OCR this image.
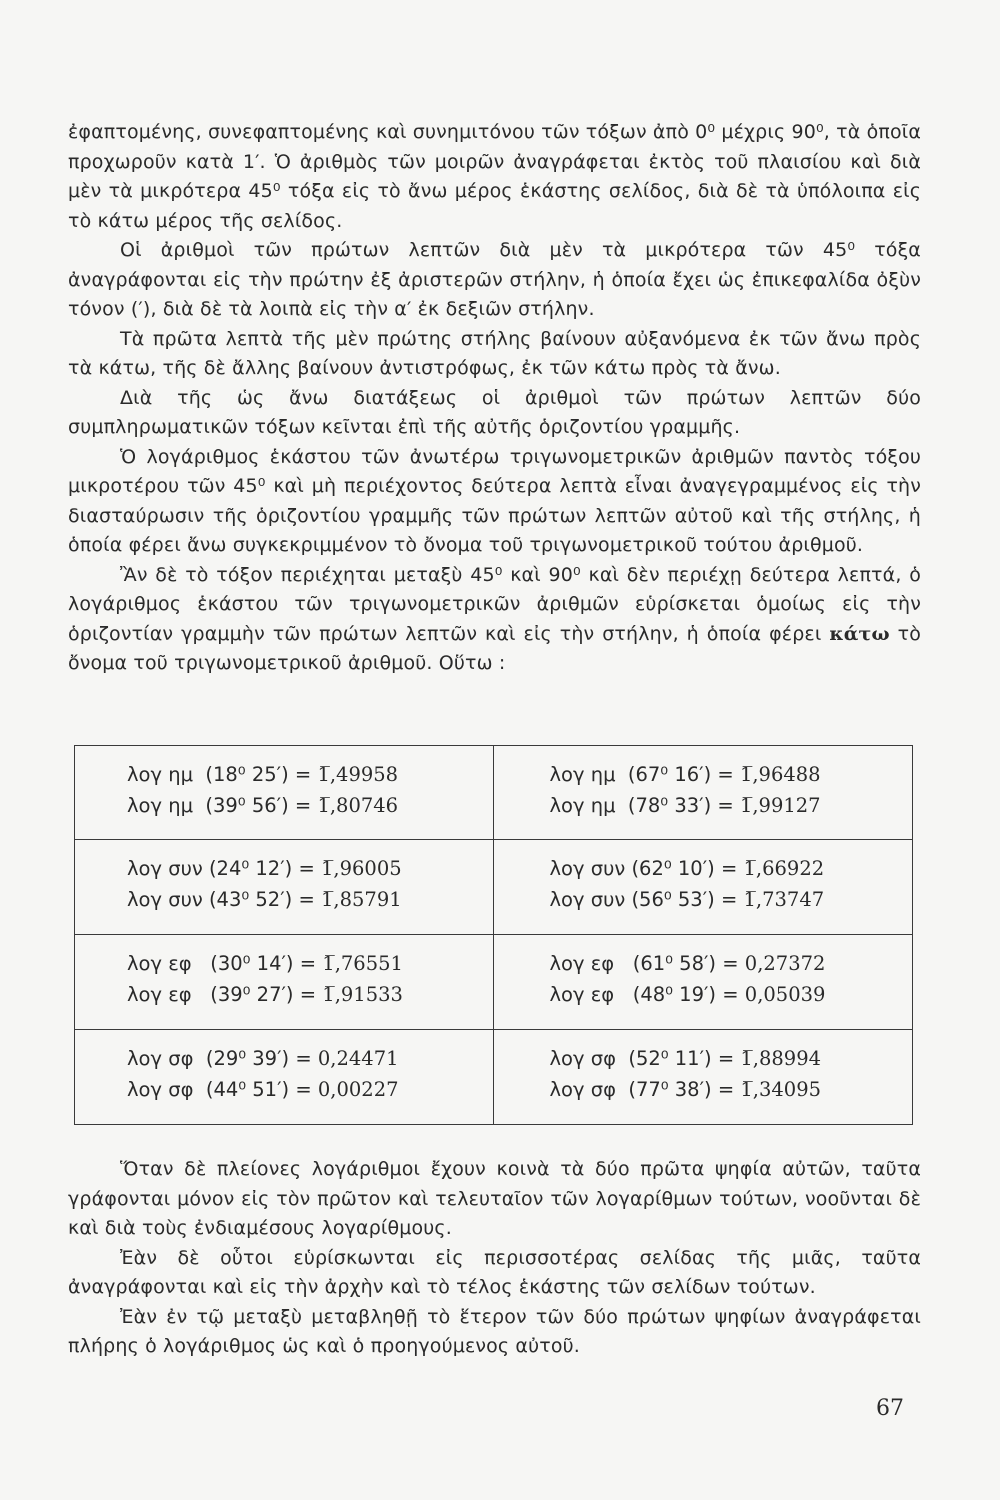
ἐφαπτομένης, συνεφαπτομένης καὶ συνημιτόνου τῶν τόξων ἀπὸ 0⁰ μέχρις 90⁰, τὰ ὁποῖα προχωροῦν κατὰ 1′. Ὁ ἀριθμὸς τῶν μοιρῶν ἀναγράφεται ἐκτὸς τοῦ πλαισίου καὶ διὰ μὲν τὰ μικρότερα 45⁰ τόξα εἰς τὸ ἄνω μέρος ἑκάστης σελίδος, διὰ δὲ τὰ ὑπόλοιπα εἰς τὸ κάτω μέρος τῆς σελίδος.

Οἱ ἀριθμοὶ τῶν πρώτων λεπτῶν διὰ μὲν τὰ μικρότερα τῶν 45⁰ τόξα ἀναγράφονται εἰς τὴν πρώτην ἐξ ἀριστερῶν στήλην, ἡ ὁποία ἔχει ὡς ἐπικεφαλίδα ὀξὺν τόνον (′), διὰ δὲ τὰ λοιπὰ εἰς τὴν α′ ἐκ δεξιῶν στήλην.

Τὰ πρῶτα λεπτὰ τῆς μὲν πρώτης στήλης βαίνουν αὐξανόμενα ἐκ τῶν ἄνω πρὸς τὰ κάτω, τῆς δὲ ἄλλης βαίνουν ἀντιστρόφως, ἐκ τῶν κάτω πρὸς τὰ ἄνω.

Διὰ τῆς ὡς ἄνω διατάξεως οἱ ἀριθμοὶ τῶν πρώτων λεπτῶν δύο συμπληρωματικῶν τόξων κεῖνται ἐπὶ τῆς αὐτῆς ὁριζοντίου γραμμῆς.

Ὁ λογάριθμος ἑκάστου τῶν ἀνωτέρω τριγωνομετρικῶν ἀριθμῶν παντὸς τόξου μικροτέρου τῶν 45⁰ καὶ μὴ περιέχοντος δεύτερα λεπτὰ εἶναι ἀναγεγραμμένος εἰς τὴν διασταύρωσιν τῆς ὁριζοντίου γραμμῆς τῶν πρώτων λεπτῶν αὐτοῦ καὶ τῆς στήλης, ἡ ὁποία φέρει ἄνω συγκεκριμμένον τὸ ὄνομα τοῦ τριγωνομετρικοῦ τούτου ἀριθμοῦ.

Ἂν δὲ τὸ τόξον περιέχηται μεταξὺ 45⁰ καὶ 90⁰ καὶ δὲν περιέχῃ δεύτερα λεπτά, ὁ λογάριθμος ἑκάστου τῶν τριγωνομετρικῶν ἀριθμῶν εὑρίσκεται ὁμοίως εἰς τὴν ὁριζοντίαν γραμμὴν τῶν πρώτων λεπτῶν καὶ εἰς τὴν στήλην, ἡ ὁποία φέρει κάτω τὸ ὄνομα τοῦ τριγωνομετρικοῦ ἀριθμοῦ. Οὕτω :

λογ ημ (18⁰ 25′) = 1̅,49958
λογ ημ (39⁰ 56′) = 1̅,80746
λογ ημ (67⁰ 16′) = 1̅,96488
λογ ημ (78⁰ 33′) = 1̅,99127
λογ συν (24⁰ 12′) = 1̅,96005
λογ συν (43⁰ 52′) = 1̅,85791
λογ συν (62⁰ 10′) = 1̅,66922
λογ συν (56⁰ 53′) = 1̅,73747
λογ εφ (30⁰ 14′) = 1̅,76551
λογ εφ (39⁰ 27′) = 1̅,91533
λογ εφ (61⁰ 58′) = 0,27372
λογ εφ (48⁰ 19′) = 0,05039
λογ σφ (29⁰ 39′) = 0,24471
λογ σφ (44⁰ 51′) = 0,00227
λογ σφ (52⁰ 11′) = 1̅,88994
λογ σφ (77⁰ 38′) = 1̅,34095

Ὅταν δὲ πλείονες λογάριθμοι ἔχουν κοινὰ τὰ δύο πρῶτα ψηφία αὐτῶν, ταῦτα γράφονται μόνον εἰς τὸν πρῶτον καὶ τελευταῖον τῶν λογαρίθμων τούτων, νοοῦνται δὲ καὶ διὰ τοὺς ἐνδιαμέσους λογαρίθμους.

Ἐὰν δὲ οὗτοι εὑρίσκωνται εἰς περισσοτέρας σελίδας τῆς μιᾶς, ταῦτα ἀναγράφονται καὶ εἰς τὴν ἀρχὴν καὶ τὸ τέλος ἑκάστης τῶν σελίδων τούτων.

Ἐὰν ἐν τῷ μεταξὺ μεταβληθῇ τὸ ἕτερον τῶν δύο πρώτων ψηφίων ἀναγράφεται πλήρης ὁ λογάριθμος ὡς καὶ ὁ προηγούμενος αὐτοῦ.

67
